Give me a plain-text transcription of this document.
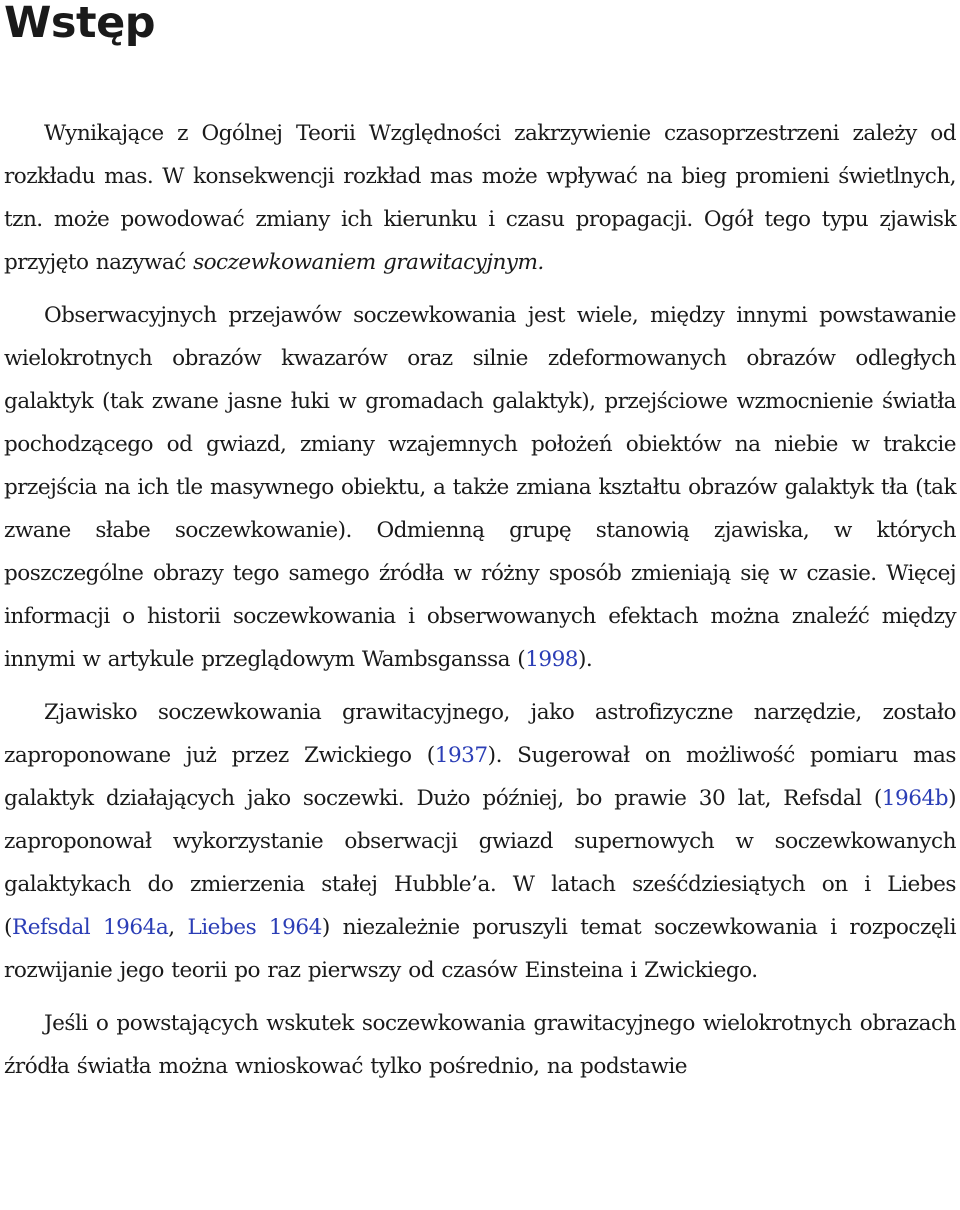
Wstęp

Wynikające z Ogólnej Teorii Względności zakrzywienie czasoprzestrzeni zależy od rozkładu mas. W konsekwencji rozkład mas może wpływać na bieg promieni świetlnych, tzn. może powodować zmiany ich kierunku i czasu propagacji. Ogół tego typu zjawisk przyjęto nazywać soczewkowaniem grawitacyjnym.

Obserwacyjnych przejawów soczewkowania jest wiele, między innymi powstawanie wielokrotnych obrazów kwazarów oraz silnie zdeformowanych obrazów odległych galaktyk (tak zwane jasne łuki w gromadach galaktyk), przejściowe wzmocnienie światła pochodzącego od gwiazd, zmiany wzajemnych położeń obiektów na niebie w trakcie przejścia na ich tle masywnego obiektu, a także zmiana kształtu obrazów galaktyk tła (tak zwane słabe soczewkowanie). Odmienną grupę stanowią zjawiska, w których poszczególne obrazy tego samego źródła w różny sposób zmieniają się w czasie. Więcej informacji o historii soczewkowania i obserwowanych efektach można znaleźć między innymi w artykule przeglądowym Wambsganssa (1998).

Zjawisko soczewkowania grawitacyjnego, jako astrofizyczne narzędzie, zostało zaproponowane już przez Zwickiego (1937). Sugerował on możliwość pomiaru mas galaktyk działających jako soczewki. Dużo później, bo prawie 30 lat, Refsdal (1964b) zaproponował wykorzystanie obserwacji gwiazd supernowych w soczewkowanych galaktykach do zmierzenia stałej Hubble’a. W latach sześćdziesiątych on i Liebes (Refsdal 1964a, Liebes 1964) niezależnie poruszyli temat soczewkowania i rozpoczęli rozwijanie jego teorii po raz pierwszy od czasów Einsteina i Zwickiego.

Jeśli o powstających wskutek soczewkowania grawitacyjnego wielokrotnych obrazach źródła światła można wnioskować tylko pośrednio, na podstawie
